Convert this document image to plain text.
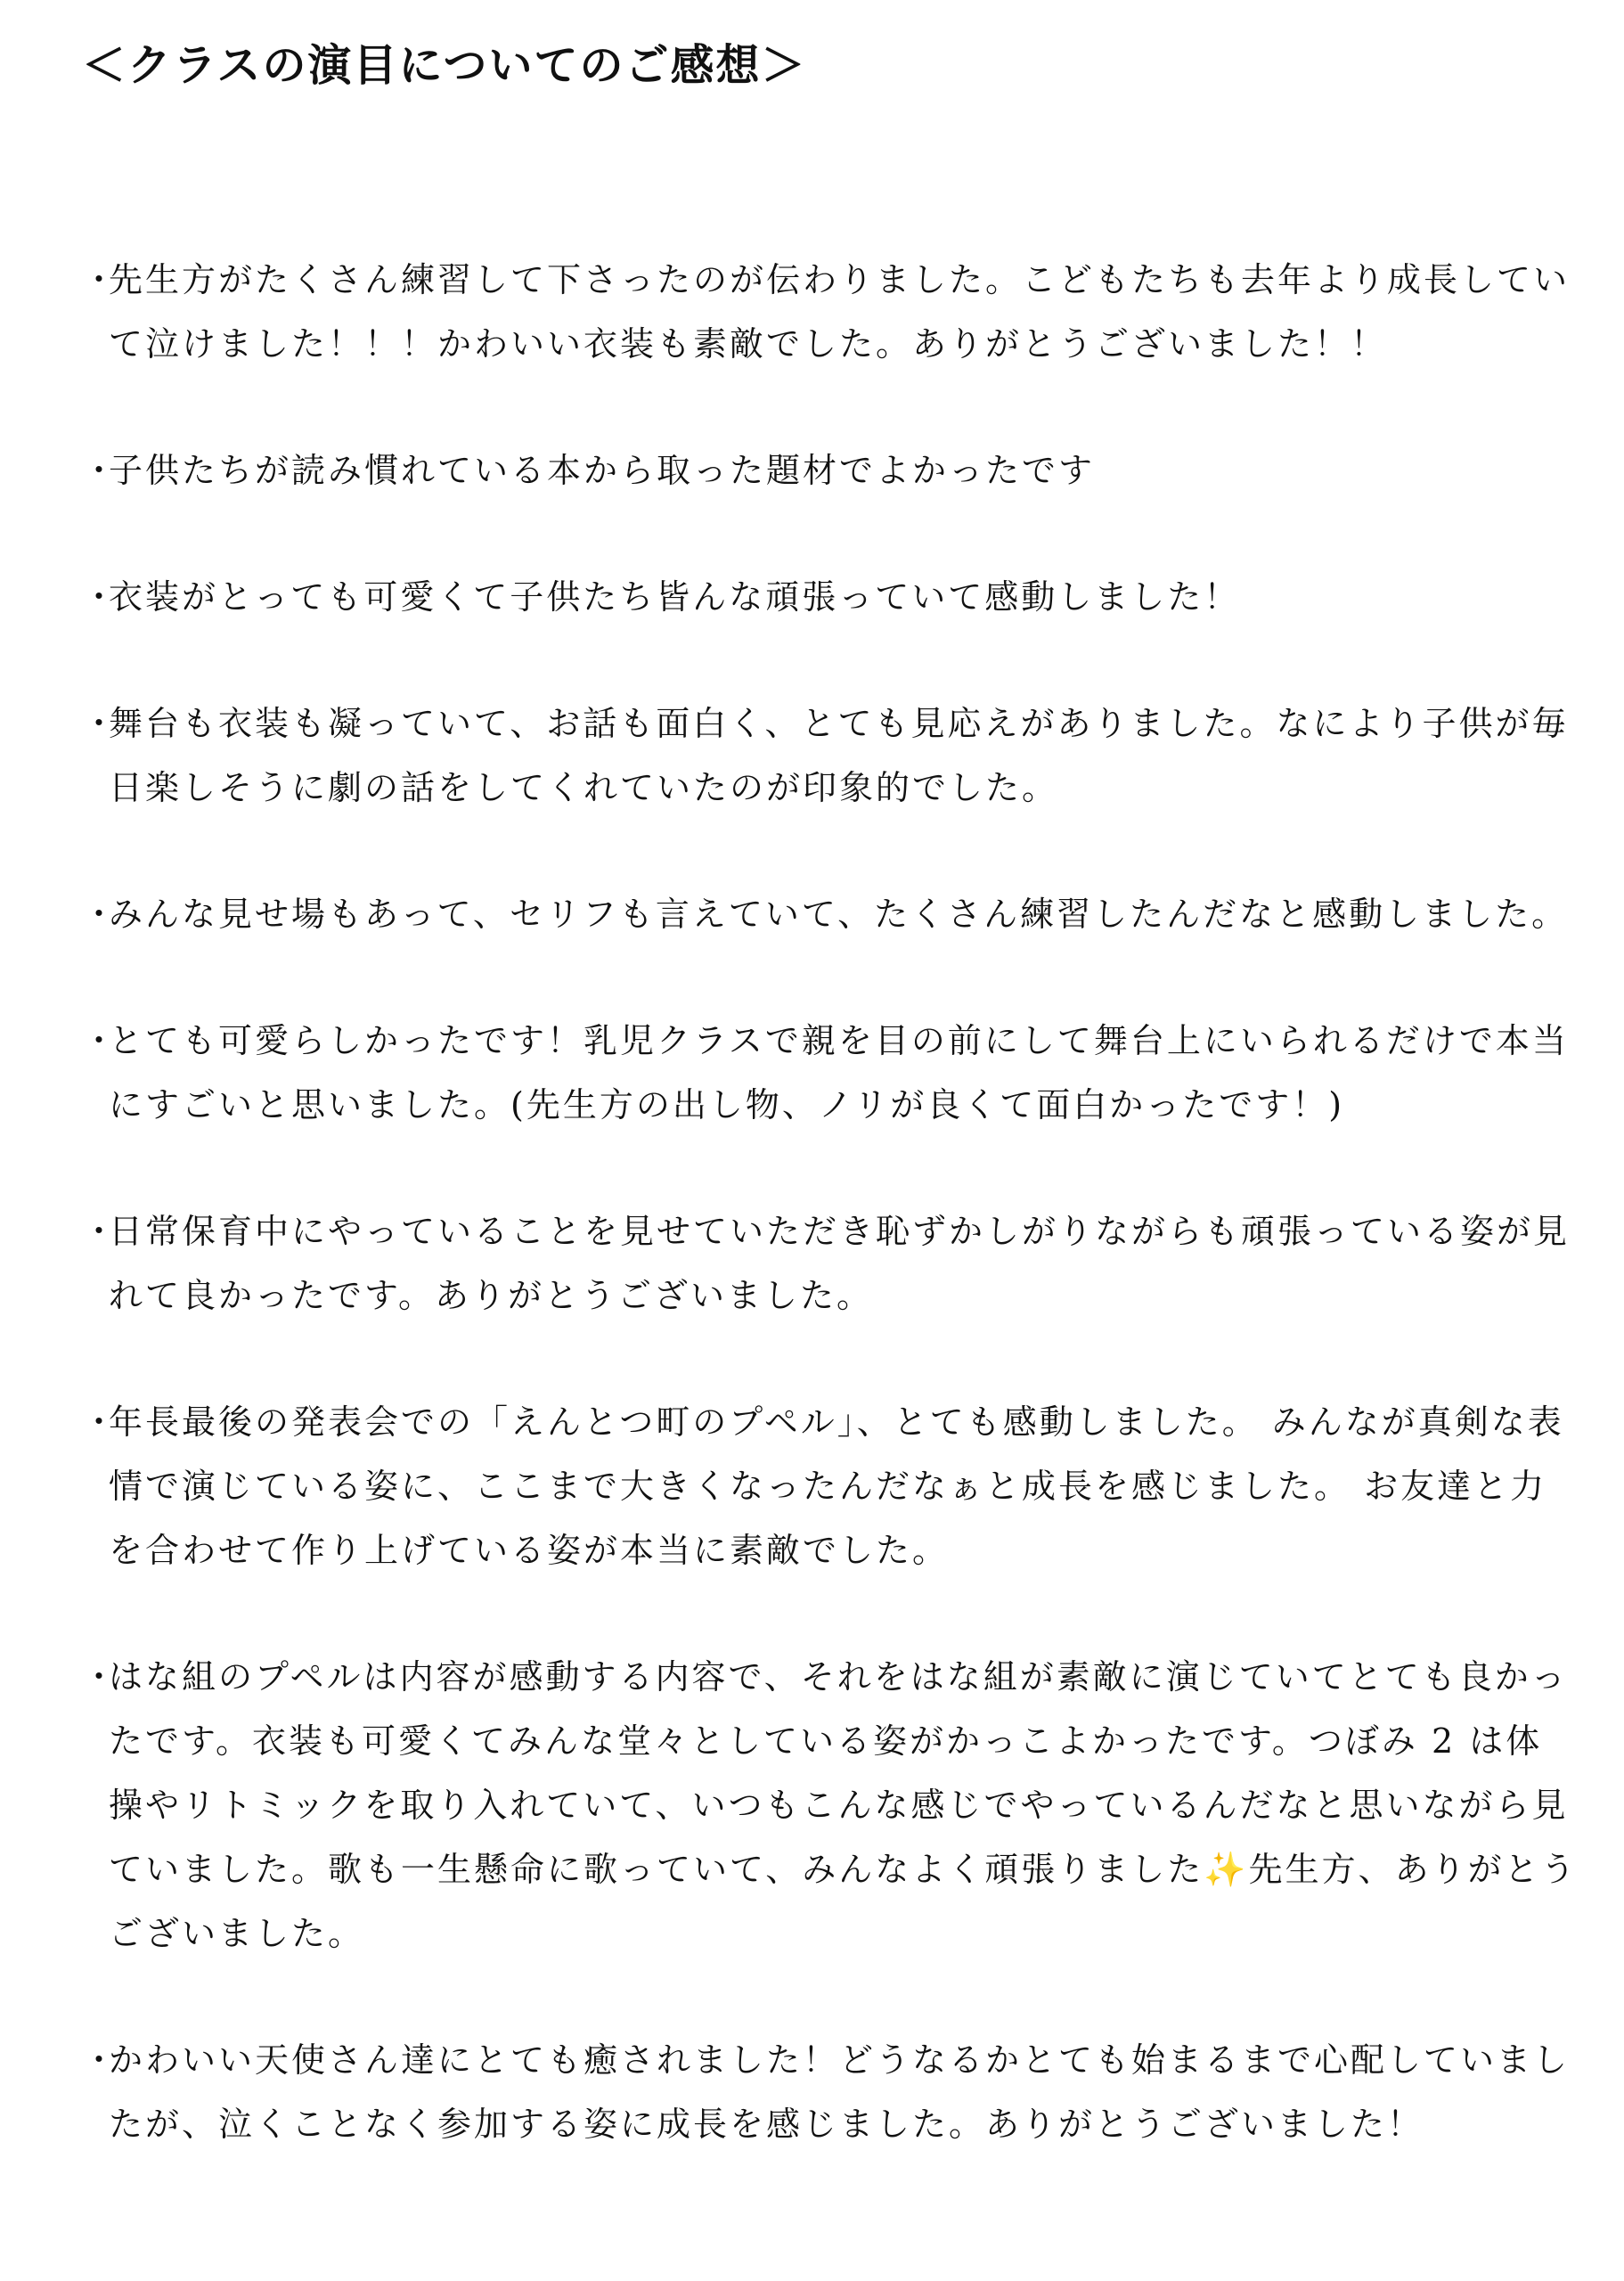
＜クラスの演目についてのご感想＞
・
先生方がたくさん練習して下さったのが伝わりました。こどもたちも去年より成長していて泣けました！！！かわいい衣装も素敵でした。ありがとうございました！！
・
子供たちが読み慣れている本から取った題材でよかったです
・
衣装がとっても可愛くて子供たち皆んな頑張っていて感動しました！
・
舞台も衣装も凝っていて、お話も面白く、とても見応えがありました。なにより子供が毎日楽しそうに劇の話をしてくれていたのが印象的でした。
・
みんな見せ場もあって、セリフも言えていて、たくさん練習したんだなと感動しました。
・
とても可愛らしかったです！乳児クラスで親を目の前にして舞台上にいられるだけで本当にすごいと思いました。(先生方の出し物、ノリが良くて面白かったです！)
・
日常保育中にやっていることを見せていただき恥ずかしがりながらも頑張っている姿が見れて良かったです。ありがとうございました。
・
年長最後の発表会での「えんとつ町のプペル」、とても感動しました。 みんなが真剣な表情で演じている姿に、ここまで大きくなったんだなぁと成長を感じました。 お友達と力を合わせて作り上げている姿が本当に素敵でした。
・
はな組のプペルは内容が感動する内容で、それをはな組が素敵に演じていてとても良かったです。衣装も可愛くてみんな堂々としている姿がかっこよかったです。つぼみ 2 は体操やリトミックを取り入れていて、いつもこんな感じでやっているんだなと思いながら見ていました。歌も一生懸命に歌っていて、みんなよく頑張りました✨先生方、ありがとうございました。
・
かわいい天使さん達にとても癒されました！どうなるかとても始まるまで心配していましたが、泣くことなく参加する姿に成長を感じました。ありがとうございました！
